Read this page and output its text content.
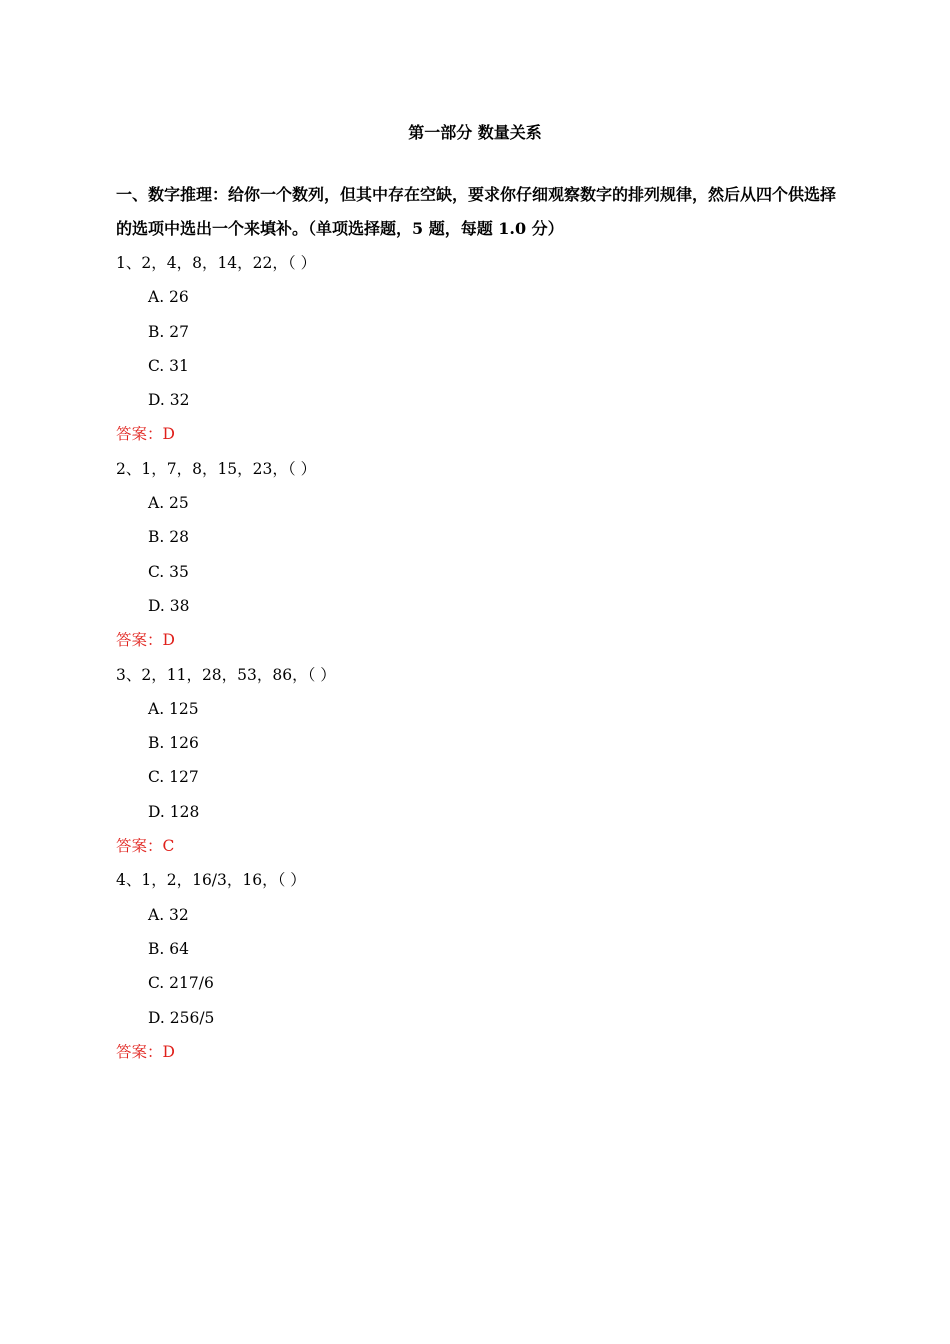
第一部分 数量关系
一、数字推理：给你一个数列，但其中存在空缺，要求你仔细观察数字的排列规律，然后从四个供选择的选项中选出一个来填补。（单项选择题，5 题，每题 1.0 分）
1、2，4，8，14，22，（ ）
A. 26
B. 27
C. 31
D. 32
答案：D
2、1，7，8，15，23，（ ）
A. 25
B. 28
C. 35
D. 38
答案：D
3、2，11，28，53，86，（ ）
A. 125
B. 126
C. 127
D. 128
答案：C
4、1，2，16/3，16，（ ）
A. 32
B. 64
C. 217/6
D. 256/5
答案：D
